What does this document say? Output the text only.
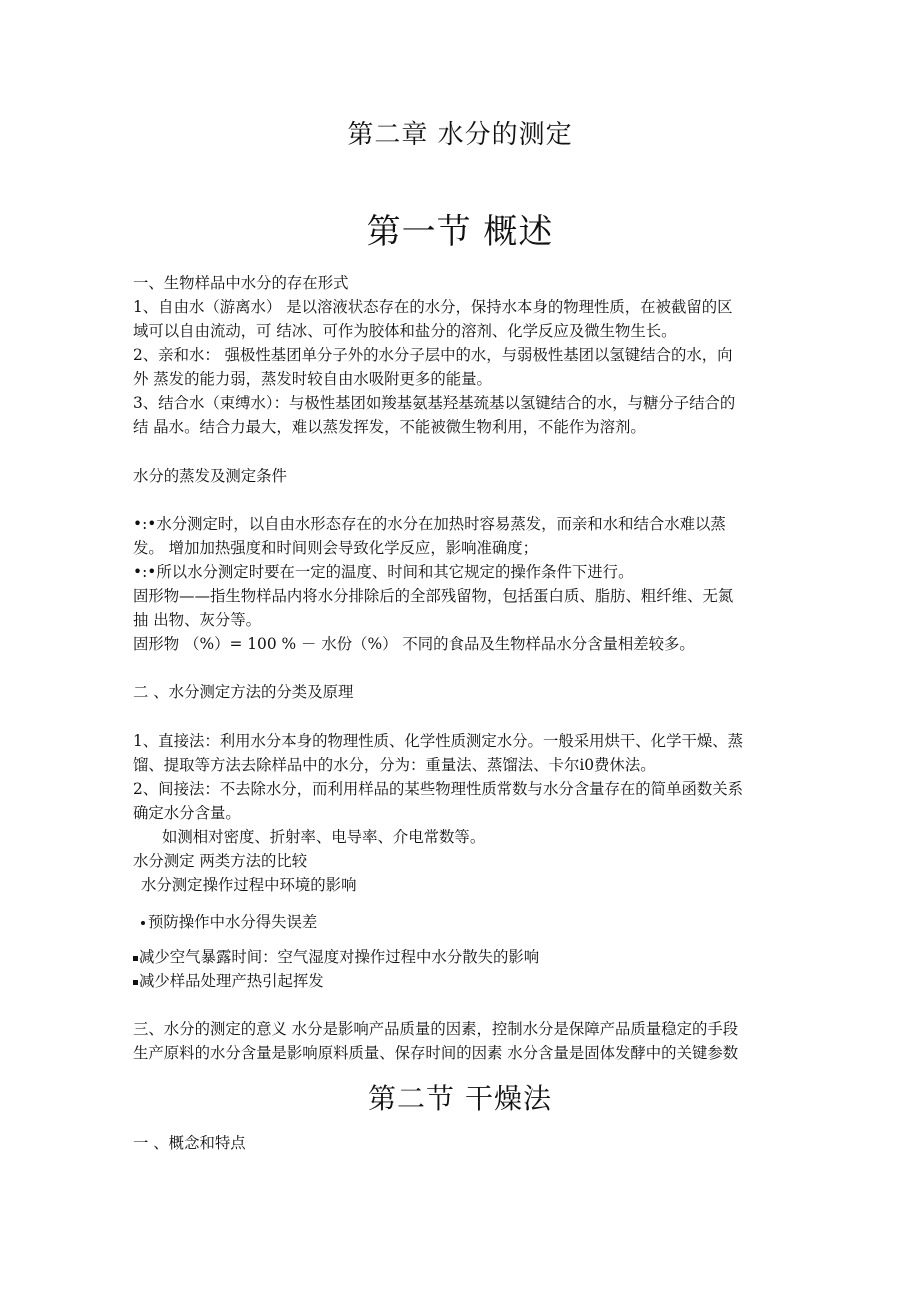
第二章 水分的测定
第一节 概述

一、生物样品中水分的存在形式

1、自由水（游离水） 是以溶液状态存在的水分，保持水本身的物理性质，在被截留的区

域可以自由流动，可 结冰、可作为胶体和盐分的溶剂、化学反应及微生物生长。

2、亲和水： 强极性基团单分子外的水分子层中的水，与弱极性基团以氢键结合的水，向

外 蒸发的能力弱，蒸发时较自由水吸附更多的能量。

3、结合水（束缚水）：与极性基团如羧基氨基羟基巯基以氢键结合的水，与糖分子结合的

结 晶水。结合力最大，难以蒸发挥发，不能被微生物利用，不能作为溶剂。

水分的蒸发及测定条件

•:•水分测定时，以自由水形态存在的水分在加热时容易蒸发，而亲和水和结合水难以蒸

发。 增加加热强度和时间则会导致化学反应，影响准确度；

•:•所以水分测定时要在一定的温度、时间和其它规定的操作条件下进行。

固形物——指生物样品内将水分排除后的全部残留物，包括蛋白质、脂肪、粗纤维、无氮

抽 出物、灰分等。

固形物 （%）= 100 % － 水份（%） 不同的食品及生物样品水分含量相差较多。

二 、水分测定方法的分类及原理

1、直接法：利用水分本身的物理性质、化学性质测定水分。一般采用烘干、化学干燥、蒸

馏、提取等方法去除样品中的水分，分为：重量法、蒸馏法、卡尔i0费休法。

2、间接法：不去除水分，而利用样品的某些物理性质常数与水分含量存在的简单函数关系

确定水分含量。

如测相对密度、折射率、电导率、介电常数等。

水分测定 两类方法的比较

水分测定操作过程中环境的影响

预防操作中水分得失误差

减少空气暴露时间：空气湿度对操作过程中水分散失的影响

减少样品处理产热引起挥发

三、水分的测定的意义 水分是影响产品质量的因素，控制水分是保障产品质量稳定的手段

生产原料的水分含量是影响原料质量、保存时间的因素 水分含量是固体发酵中的关键参数

第二节 干燥法

一 、概念和特点
